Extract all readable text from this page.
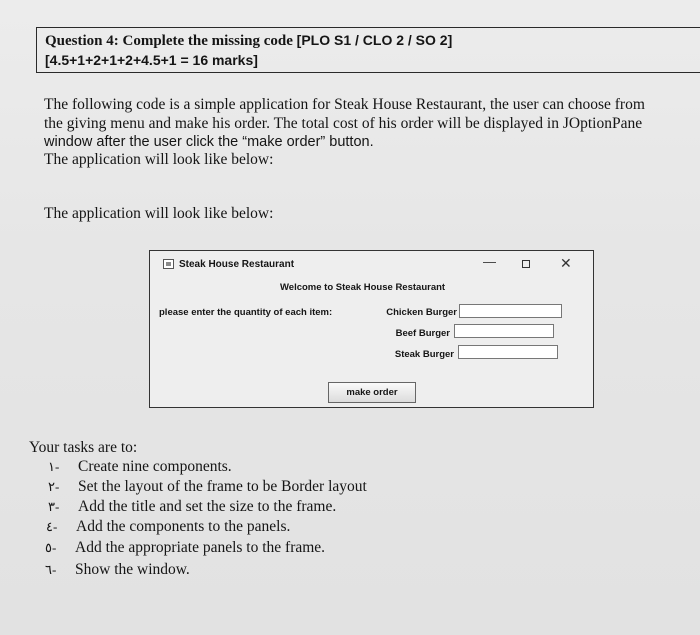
Question 4: Complete the missing code [PLO S1 / CLO 2 / SO 2]
[4.5+1+2+1+2+4.5+1 = 16 marks]
The following code is a simple application for Steak House Restaurant, the user can choose from
the giving menu and make his order. The total cost of his order will be displayed in JOptionPane
window after the user click the “make order” button.
The application will look like below:
The application will look like below:
Steak House Restaurant	—	✕
Welcome to Steak House Restaurant
please enter the quantity of each item:	Chicken Burger
Beef Burger
Steak Burger
make order
Your tasks are to:
١- Create nine components.
٢- Set the layout of the frame to be Border layout
٣- Add the title and set the size to the frame.
٤- Add the components to the panels.
٥- Add the appropriate panels to the frame.
٦- Show the window.
